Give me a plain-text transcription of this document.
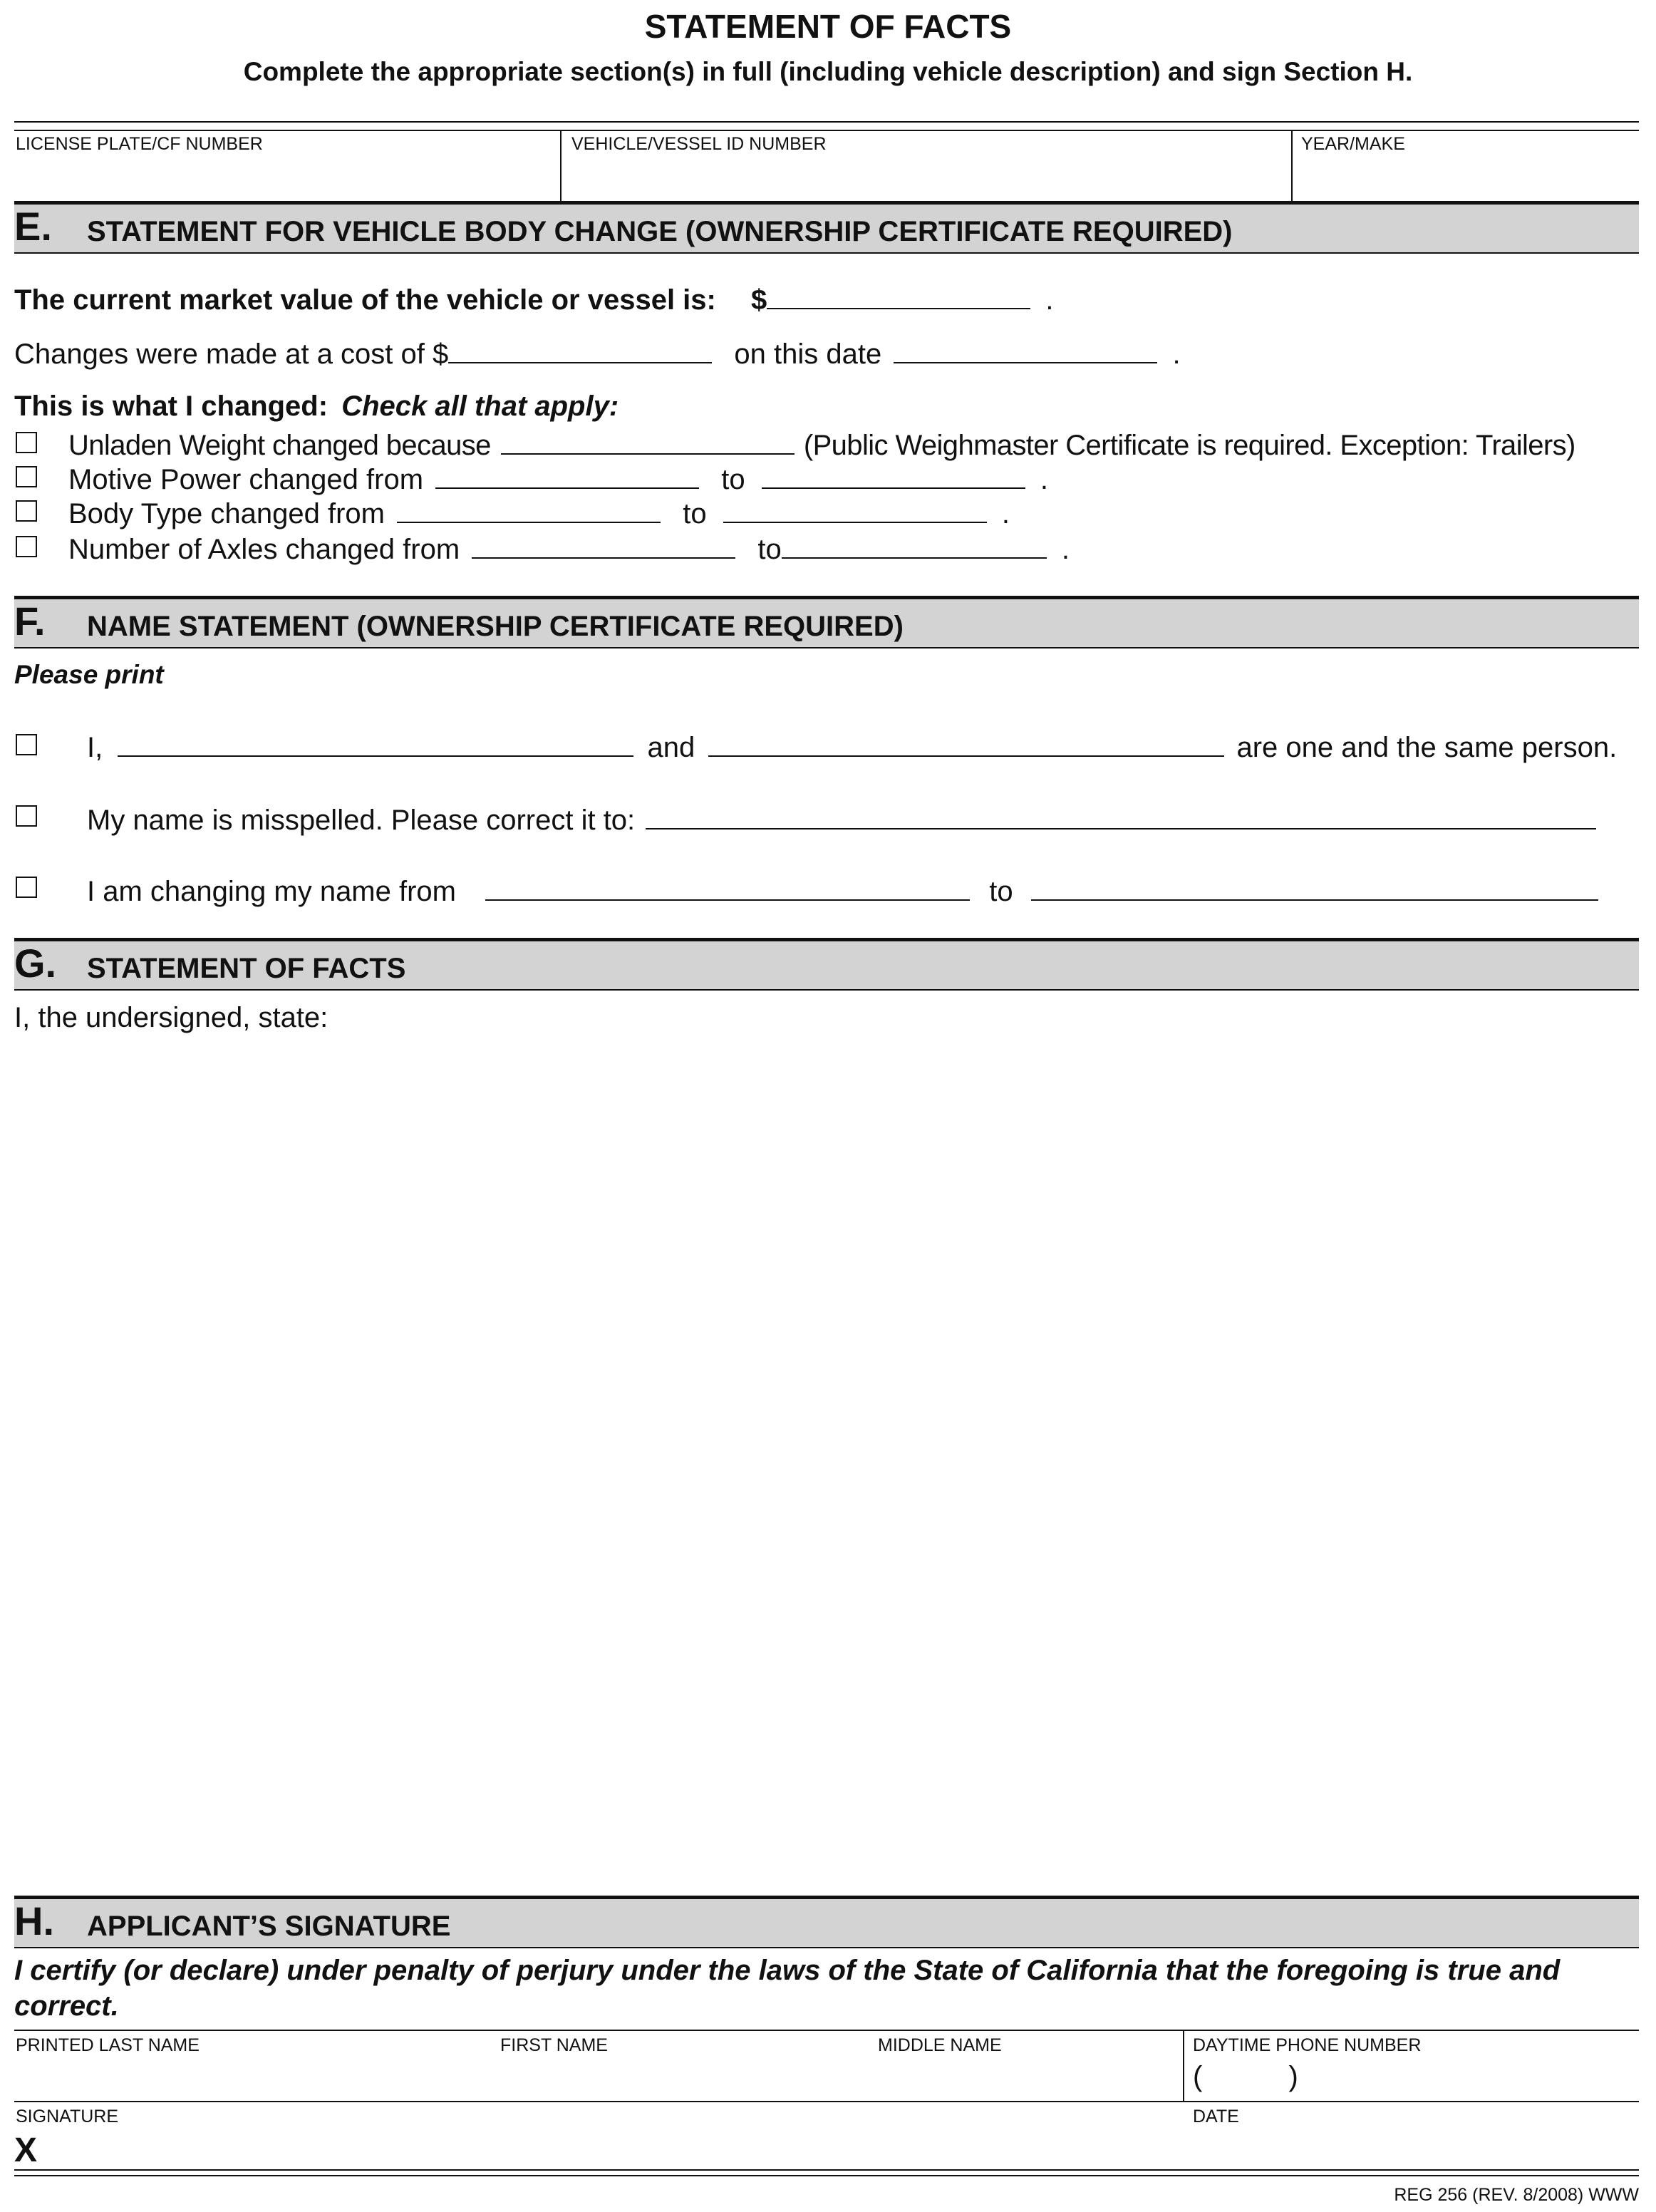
STATEMENT OF FACTS
Complete the appropriate section(s) in full (including vehicle description) and sign Section H.
LICENSE PLATE/CF NUMBER	VEHICLE/VESSEL ID NUMBER	YEAR/MAKE
E. STATEMENT FOR VEHICLE BODY CHANGE (OWNERSHIP CERTIFICATE REQUIRED)
The current market value of the vehicle or vessel is: $	.
Changes were made at a cost of $	on this date	.
This is what I changed: Check all that apply:
Unladen Weight changed because	(Public Weighmaster Certificate is required. Exception: Trailers)
Motive Power changed from	to	.
Body Type changed from	to	.
Number of Axles changed from	to	.
F. NAME STATEMENT (OWNERSHIP CERTIFICATE REQUIRED)
Please print
I,	and	are one and the same person.
My name is misspelled. Please correct it to:
I am changing my name from	to
G. STATEMENT OF FACTS
I, the undersigned, state:
H. APPLICANT’S SIGNATURE
I certify (or declare) under penalty of perjury under the laws of the State of California that the foregoing is true and
correct.
PRINTED LAST NAME	FIRST NAME	MIDDLE NAME	DAYTIME PHONE NUMBER
(	)
SIGNATURE	DATE
X
REG 256 (REV. 8/2008) WWW
